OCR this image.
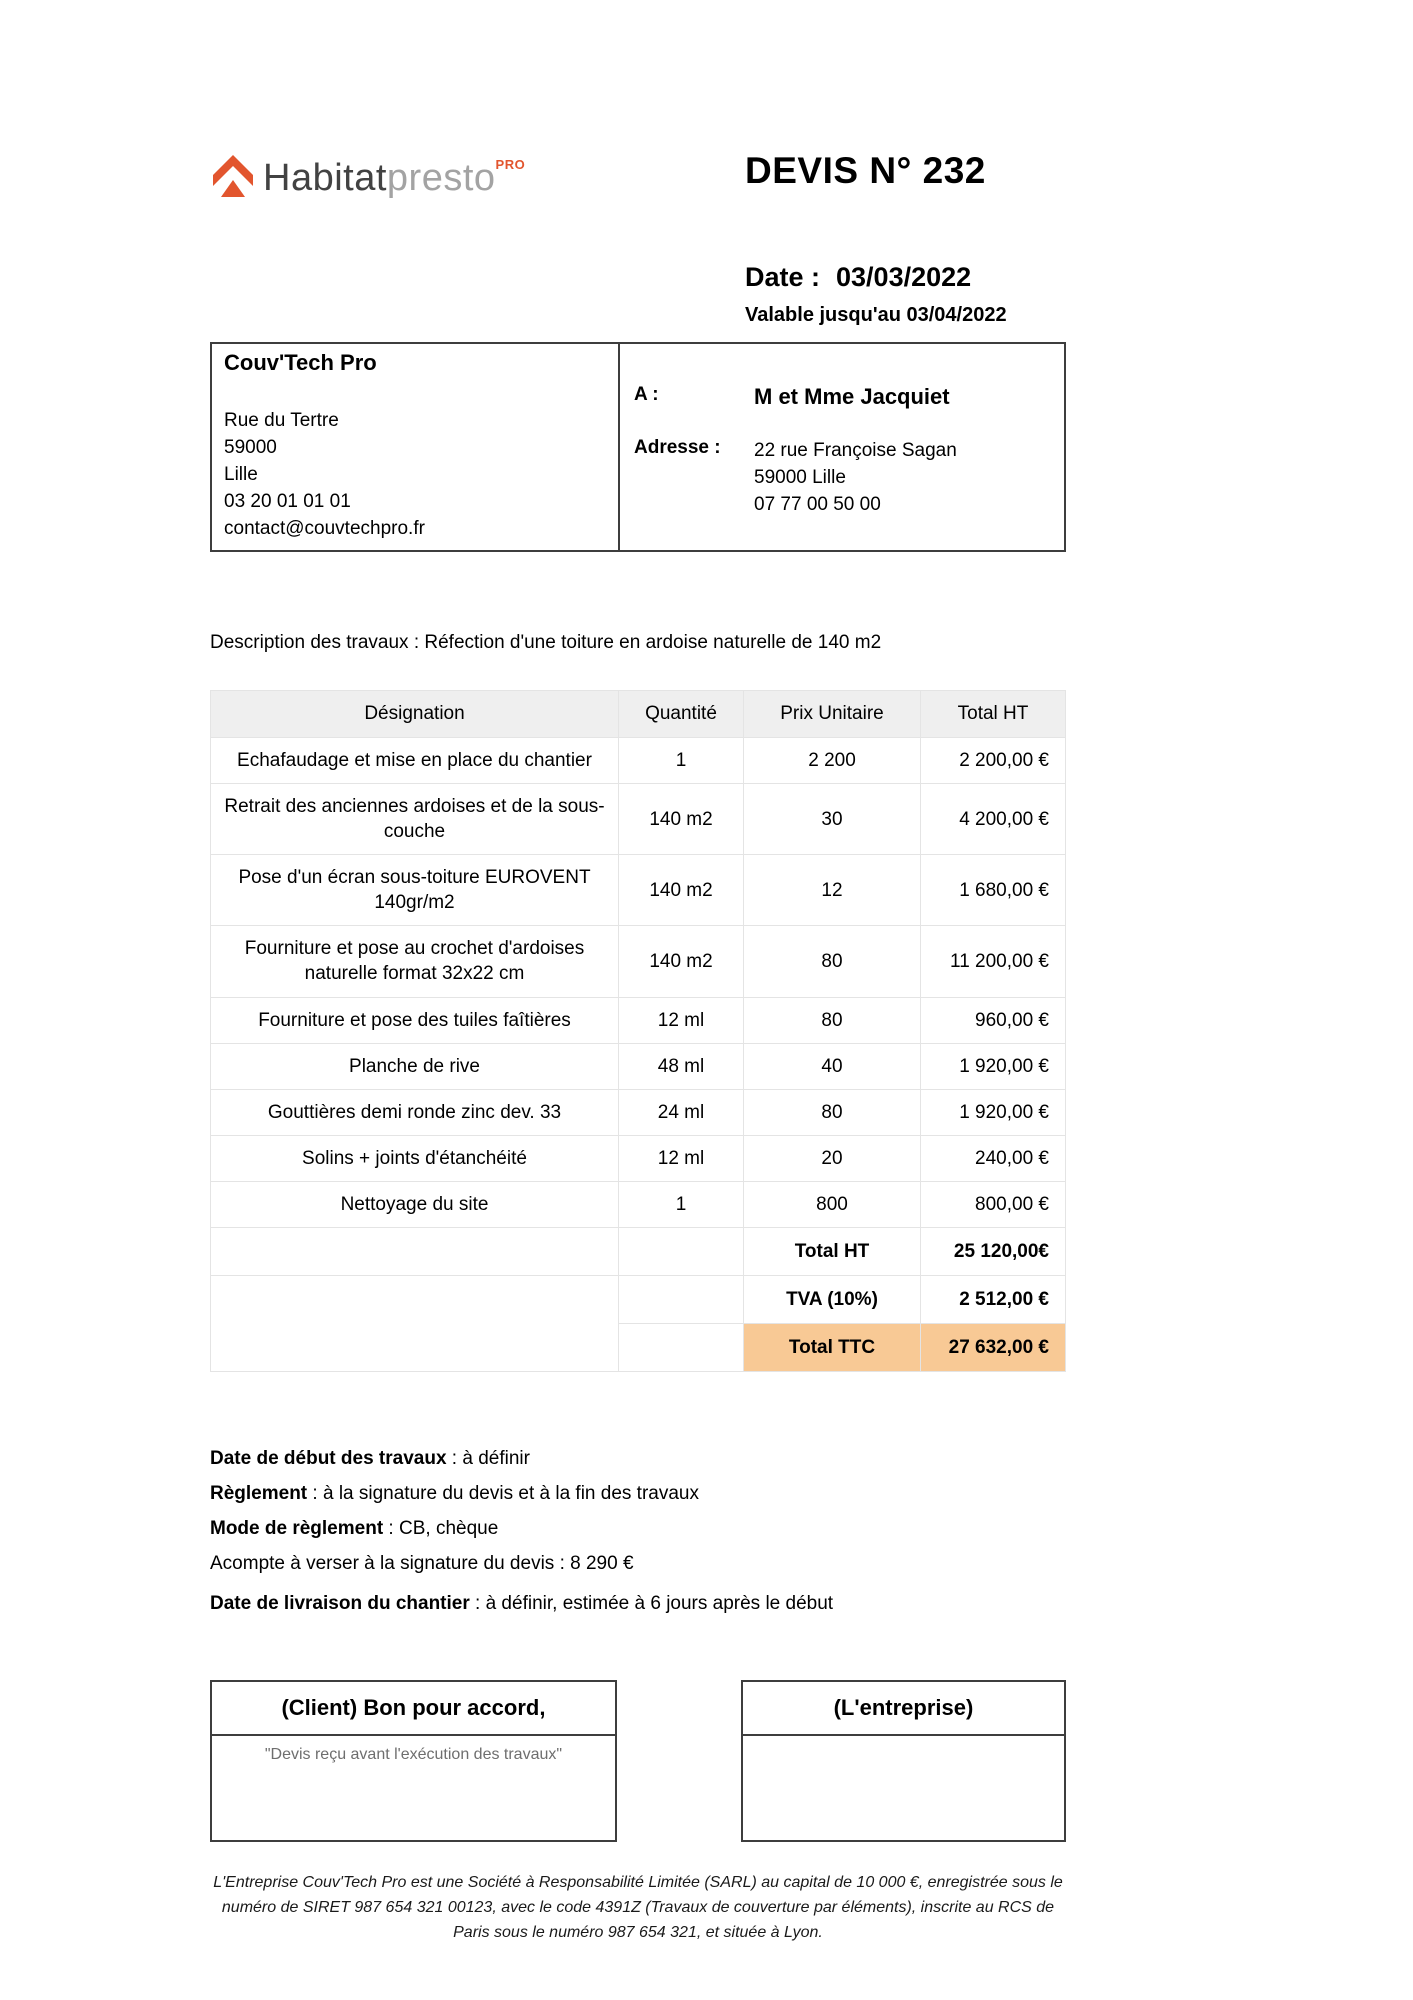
Habitatpresto$^{PRO}$	DEVIS N° 232
Date : 03/03/2022
Valable jusqu'au 03/04/2022
Couv'Tech Pro
Rue du Tertre
59000
Lille
03 20 01 01 01
contact@couvtechpro.fr
A :	M et Mme Jacquiet
Adresse :	22 rue Françoise Sagan
59000 Lille
07 77 00 50 00
Description des travaux : Réfection d'une toiture en ardoise naturelle de 140 m2
Désignation	Quantité	Prix Unitaire	Total HT
Echafaudage et mise en place du chantier	1	2 200	2 200,00 €
Retrait des anciennes ardoises et de la sous-couche	140 m2	30	4 200,00 €
Pose d'un écran sous-toiture EUROVENT 140gr/m2	140 m2	12	1 680,00 €
Fourniture et pose au crochet d'ardoises naturelle format 32x22 cm	140 m2	80	11 200,00 €
Fourniture et pose des tuiles faîtières	12 ml	80	960,00 €
Planche de rive	48 ml	40	1 920,00 €
Gouttières demi ronde zinc dev. 33	24 ml	80	1 920,00 €
Solins + joints d'étanchéité	12 ml	20	240,00 €
Nettoyage du site	1	800	800,00 €
		Total HT	25 120,00€
		TVA (10%)	2 512,00 €
		Total TTC	27 632,00 €

Date de début des travaux : à définir

Règlement : à la signature du devis et à la fin des travaux

Mode de règlement : CB, chèque

Acompte à verser à la signature du devis : 8 290 €

Date de livraison du chantier : à définir, estimée à 6 jours après le début

(Client) Bon pour accord,
"Devis reçu avant l'exécution des travaux"
(L'entreprise)
L'Entreprise Couv'Tech Pro est une Société à Responsabilité Limitée (SARL) au capital de 10 000 €, enregistrée sous le numéro de SIRET 987 654 321 00123, avec le code 4391Z (Travaux de couverture par éléments), inscrite au RCS de Paris sous le numéro 987 654 321, et située à Lyon.
